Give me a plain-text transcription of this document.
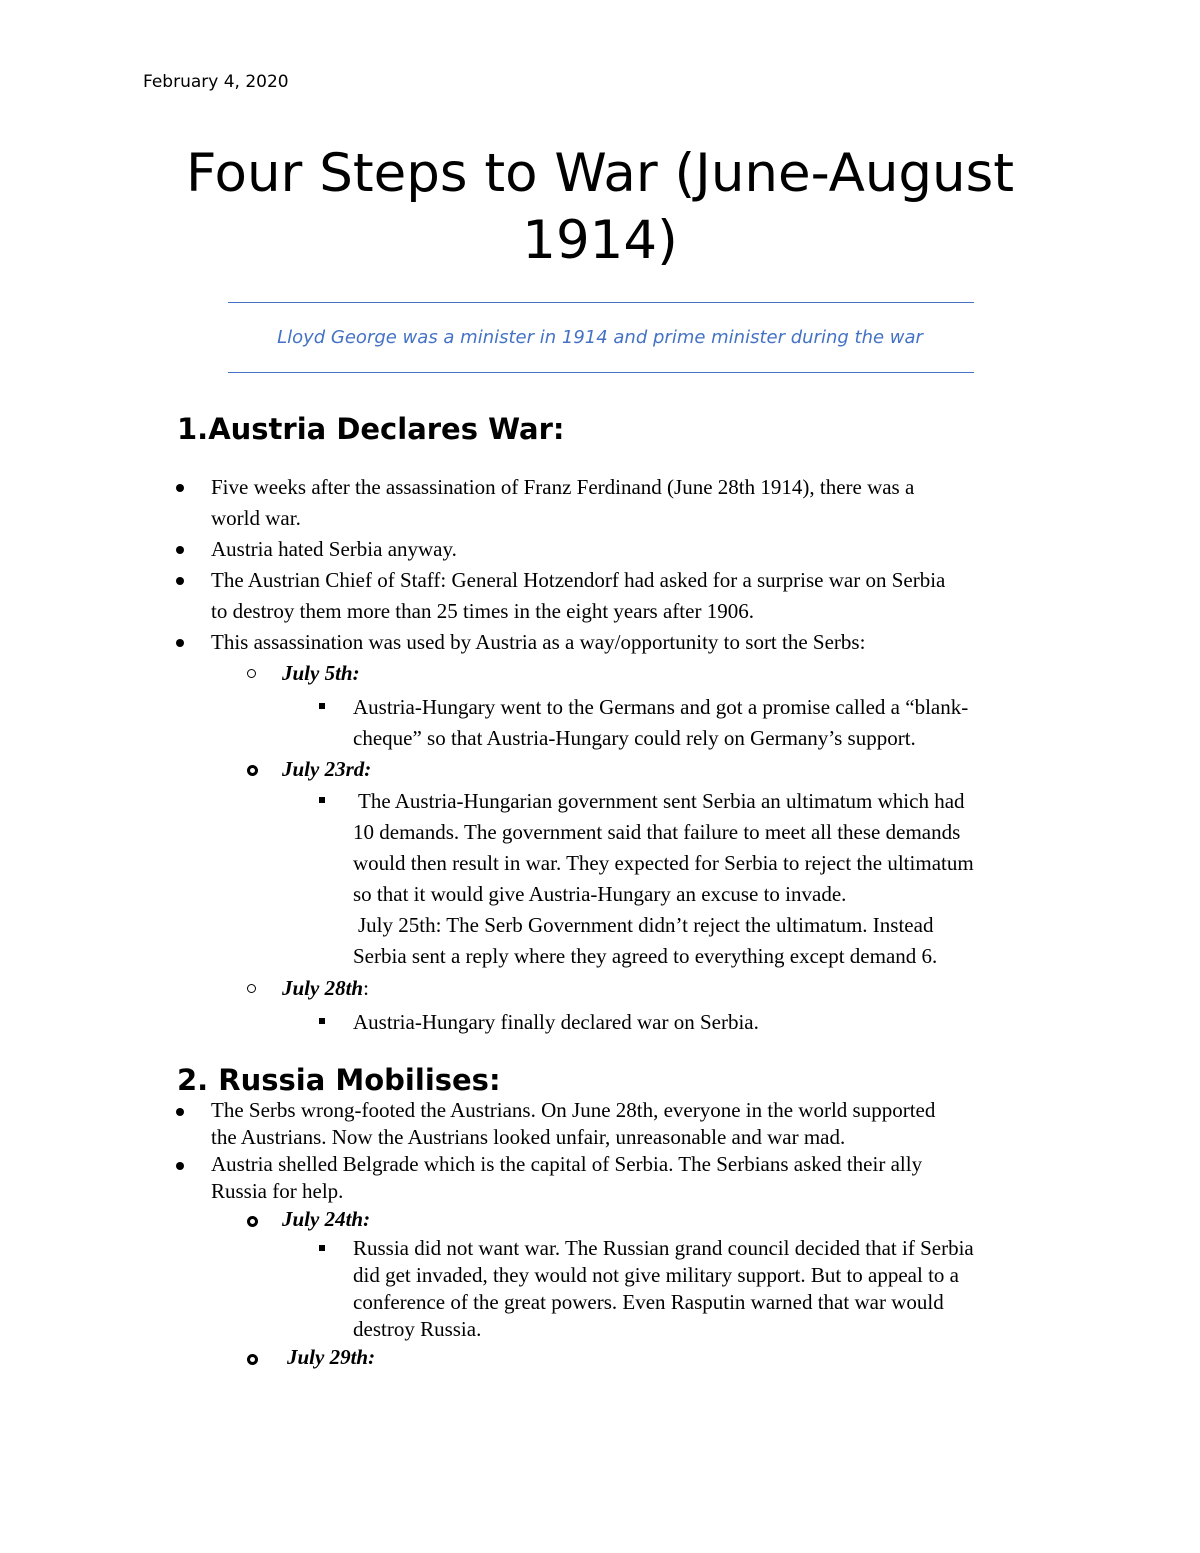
February 4, 2020
Four Steps to War (June-August
1914)
Lloyd George was a minister in 1914 and prime minister during the war
1.Austria Declares War:
Five weeks after the assassination of Franz Ferdinand (June 28th 1914), there was a
world war.
Austria hated Serbia anyway.
The Austrian Chief of Staff: General Hotzendorf had asked for a surprise war on Serbia
to destroy them more than 25 times in the eight years after 1906.
This assassination was used by Austria as a way/opportunity to sort the Serbs:
July 5th:
Austria-Hungary went to the Germans and got a promise called a “blank-
cheque” so that Austria-Hungary could rely on Germany’s support.
July 23rd:
The Austria-Hungarian government sent Serbia an ultimatum which had
10 demands. The government said that failure to meet all these demands
would then result in war. They expected for Serbia to reject the ultimatum
so that it would give Austria-Hungary an excuse to invade.
July 25th: The Serb Government didn’t reject the ultimatum. Instead
Serbia sent a reply where they agreed to everything except demand 6.
July 28th:
Austria-Hungary finally declared war on Serbia.
2. Russia Mobilises:
The Serbs wrong-footed the Austrians. On June 28th, everyone in the world supported
the Austrians. Now the Austrians looked unfair, unreasonable and war mad.
Austria shelled Belgrade which is the capital of Serbia. The Serbians asked their ally
Russia for help.
July 24th:
Russia did not want war. The Russian grand council decided that if Serbia
did get invaded, they would not give military support. But to appeal to a
conference of the great powers. Even Rasputin warned that war would
destroy Russia.
July 29th:
